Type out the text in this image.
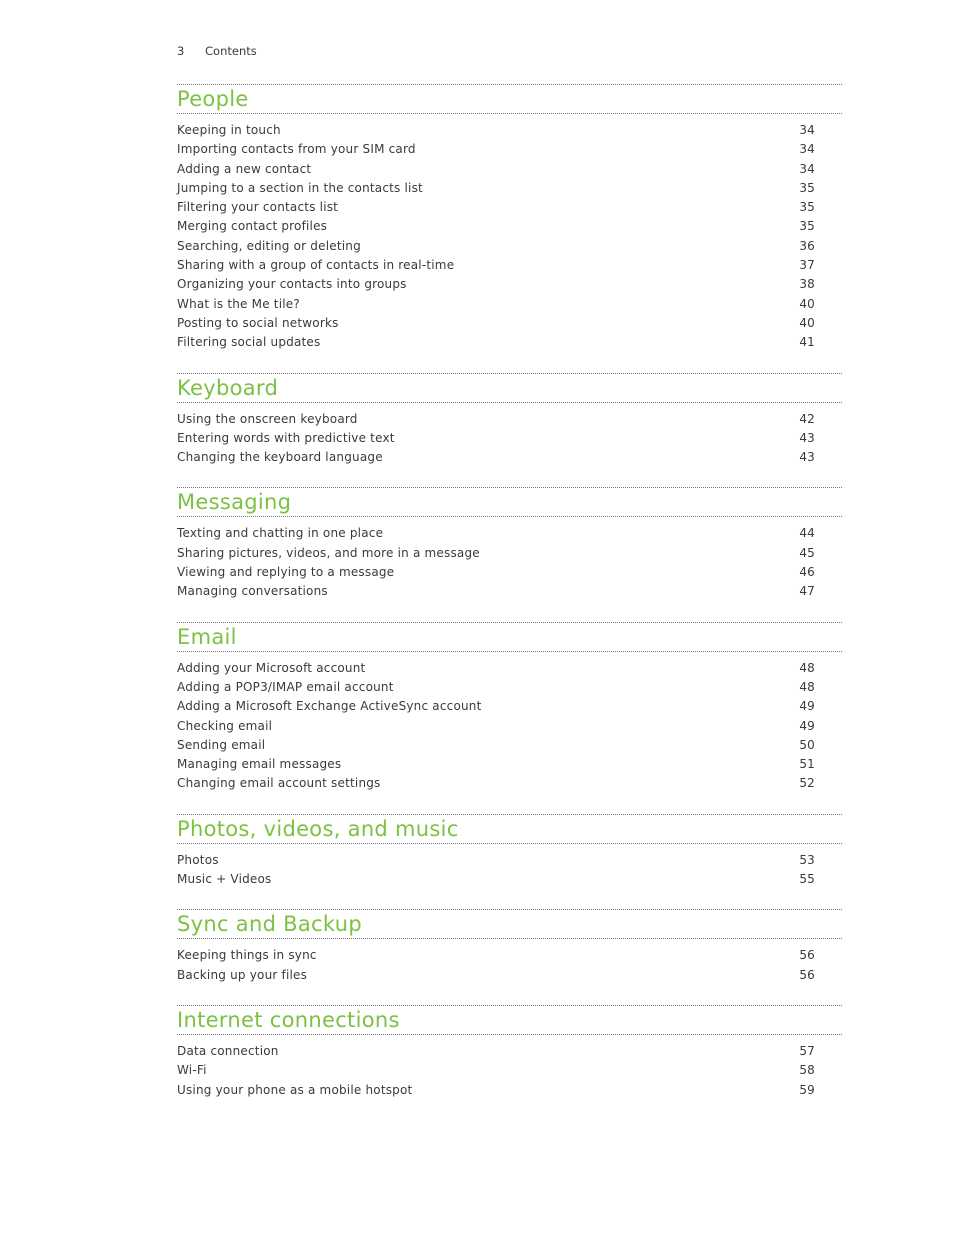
3	Contents
People
Keeping in touch	34
Importing contacts from your SIM card	34
Adding a new contact	34
Jumping to a section in the contacts list	35
Filtering your contacts list	35
Merging contact profiles	35
Searching, editing or deleting	36
Sharing with a group of contacts in real-time	37
Organizing your contacts into groups	38
What is the Me tile?	40
Posting to social networks	40
Filtering social updates	41
Keyboard
Using the onscreen keyboard	42
Entering words with predictive text	43
Changing the keyboard language	43
Messaging
Texting and chatting in one place	44
Sharing pictures, videos, and more in a message	45
Viewing and replying to a message	46
Managing conversations	47
Email
Adding your Microsoft account	48
Adding a POP3/IMAP email account	48
Adding a Microsoft Exchange ActiveSync account	49
Checking email	49
Sending email	50
Managing email messages	51
Changing email account settings	52
Photos, videos, and music
Photos	53
Music + Videos	55
Sync and Backup
Keeping things in sync	56
Backing up your files	56
Internet connections
Data connection	57
Wi-Fi	58
Using your phone as a mobile hotspot	59
